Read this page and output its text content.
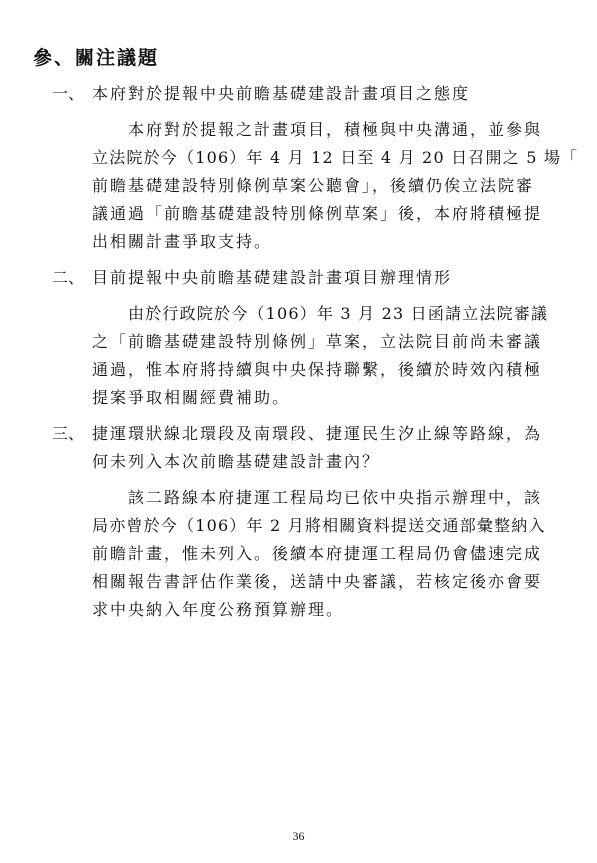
參、關注議題
一、 本府對於提報中央前瞻基礎建設計畫項目之態度
本府對於提報之計畫項目，積極與中央溝通，並參與
立法院於今（106）年 4 月 12 日至 4 月 20 日召開之 5 場「
前瞻基礎建設特別條例草案公聽會」，後續仍俟立法院審
議通過「前瞻基礎建設特別條例草案」後，本府將積極提
出相關計畫爭取支持。
二、 目前提報中央前瞻基礎建設計畫項目辦理情形
由於行政院於今（106）年 3 月 23 日函請立法院審議
之「前瞻基礎建設特別條例」草案，立法院目前尚未審議
通過，惟本府將持續與中央保持聯繫，後續於時效內積極
提案爭取相關經費補助。
三、 捷運環狀線北環段及南環段、捷運民生汐止線等路線，為
何未列入本次前瞻基礎建設計畫內？
該二路線本府捷運工程局均已依中央指示辦理中，該
局亦曾於今（106）年 2 月將相關資料提送交通部彙整納入
前瞻計畫，惟未列入。後續本府捷運工程局仍會儘速完成
相關報告書評估作業後，送請中央審議，若核定後亦會要
求中央納入年度公務預算辦理。
36
